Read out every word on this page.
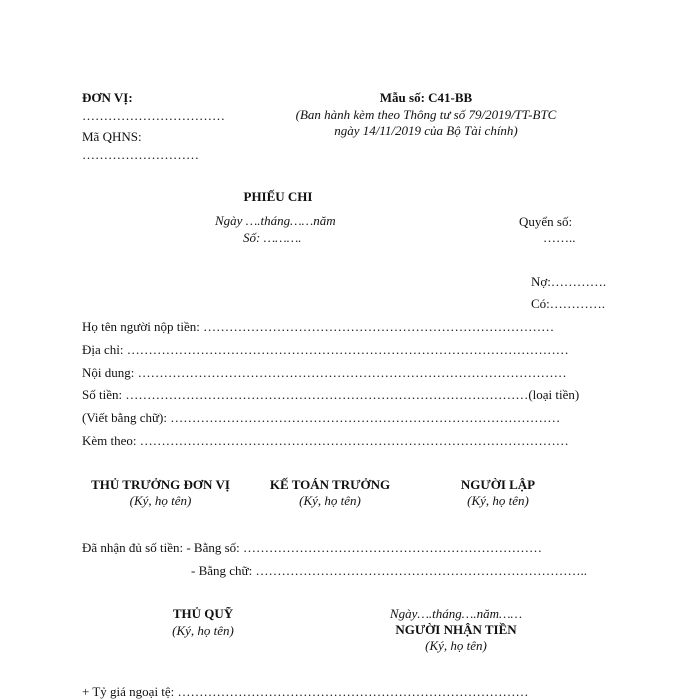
ĐƠN VỊ:
……………………………
Mã QHNS:
………………………
Mẫu số: C41-BB
(Ban hành kèm theo Thông tư số 79/2019/TT-BTC
ngày 14/11/2019 của Bộ Tài chính)
PHIẾU CHI
Ngày ….tháng……năm
Số: ……….
Quyển số:
……..
Nợ:………….
Có:………….
Họ tên người nộp tiền: ………………………………………………………………………
Địa chỉ: …………………………………………………………………………………………
Nội dung: ………………………………………………………………………………………
Số tiền: …………………………………………………………………………………(loại tiền)
(Viết bằng chữ): ………………………………………………………………………………
Kèm theo: ………………………………………………………………………………………
THỦ TRƯỞNG ĐƠN VỊ
(Ký, họ tên)
KẾ TOÁN TRƯỞNG
(Ký, họ tên)
NGƯỜI LẬP
(Ký, họ tên)
Đã nhận đủ số tiền: - Bằng số: ……………………………………………………………
- Bằng chữ: …………………………………………………………………..
THỦ QUỸ
(Ký, họ tên)
Ngày….tháng….năm……
NGƯỜI NHẬN TIỀN
(Ký, họ tên)
+ Tỷ giá ngoại tệ: ………………………………………………………………………
